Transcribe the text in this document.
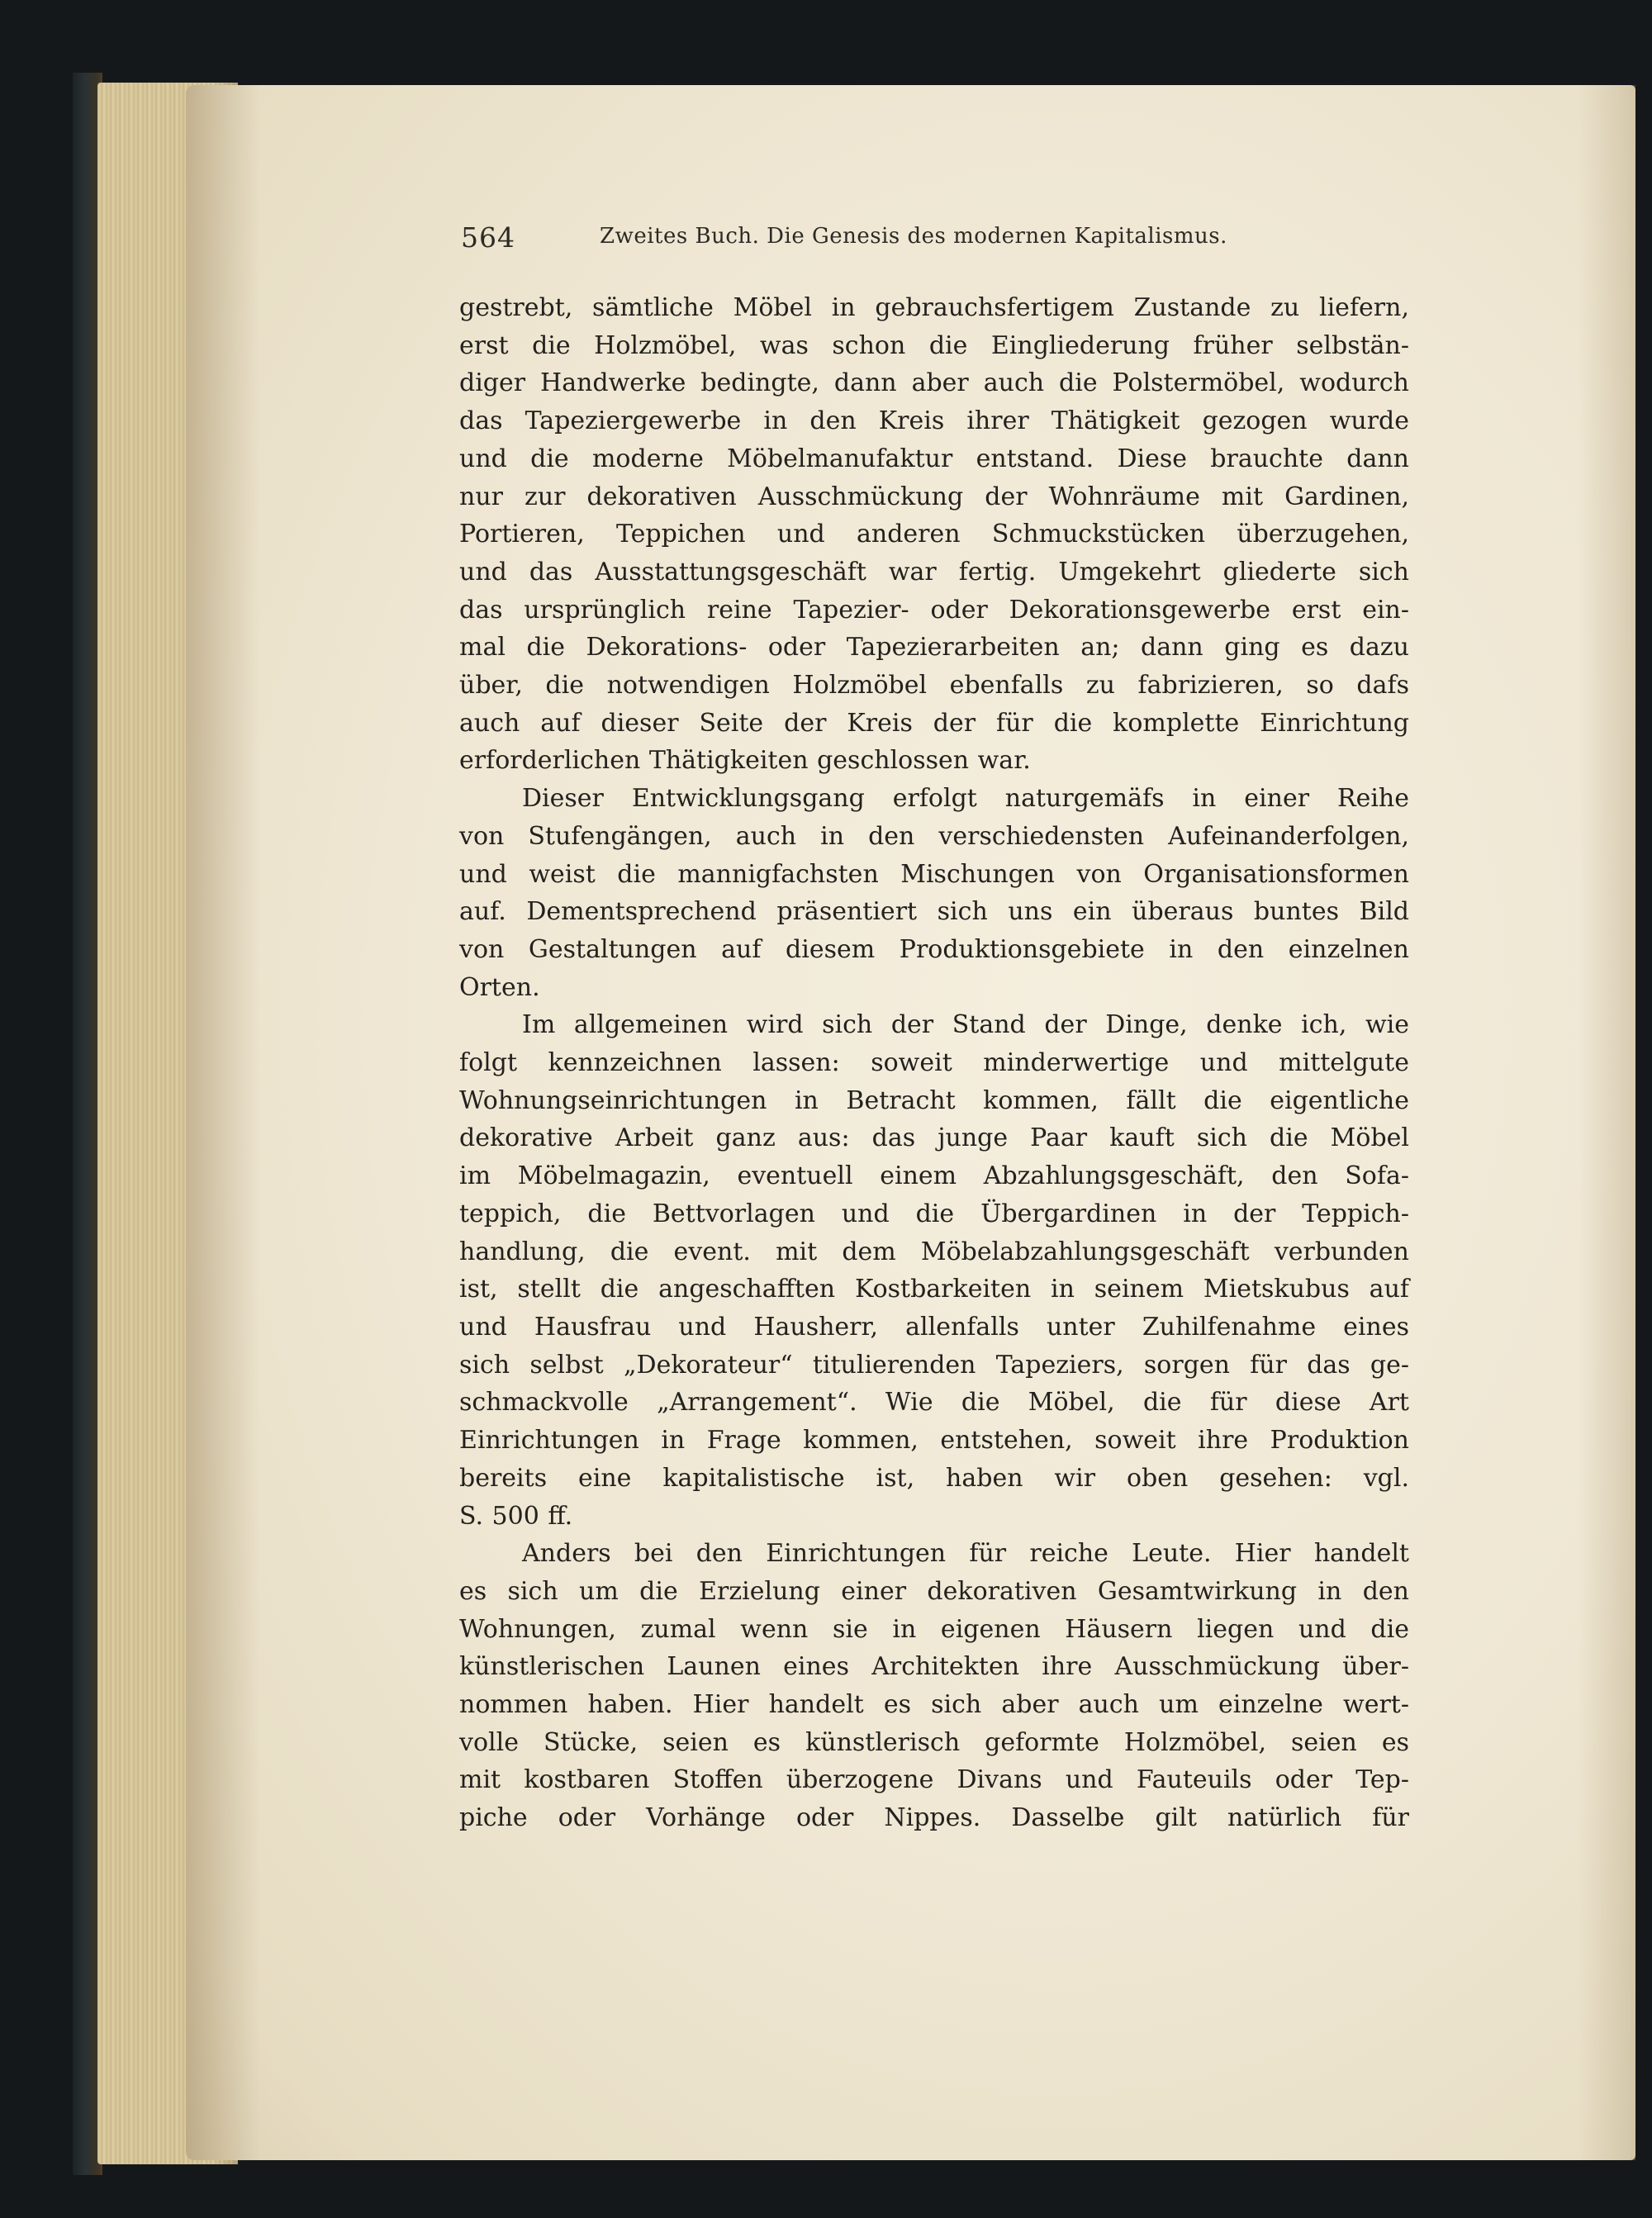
564	Zweites Buch. Die Genesis des modernen Kapitalismus.

gestrebt, sämtliche Möbel in gebrauchsfertigem Zustande zu liefern,

erst die Holzmöbel, was schon die Eingliederung früher selbstän-

diger Handwerke bedingte, dann aber auch die Polstermöbel, wodurch

das Tapeziergewerbe in den Kreis ihrer Thätigkeit gezogen wurde

und die moderne Möbelmanufaktur entstand. Diese brauchte dann

nur zur dekorativen Ausschmückung der Wohnräume mit Gardinen,

Portieren, Teppichen und anderen Schmuckstücken überzugehen,

und das Ausstattungsgeschäft war fertig. Umgekehrt gliederte sich

das ursprünglich reine Tapezier- oder Dekorationsgewerbe erst ein-

mal die Dekorations- oder Tapezierarbeiten an; dann ging es dazu

über, die notwendigen Holzmöbel ebenfalls zu fabrizieren, so dafs

auch auf dieser Seite der Kreis der für die komplette Einrichtung

erforderlichen Thätigkeiten geschlossen war.

Dieser Entwicklungsgang erfolgt naturgemäfs in einer Reihe

von Stufengängen, auch in den verschiedensten Aufeinanderfolgen,

und weist die mannigfachsten Mischungen von Organisationsformen

auf. Dementsprechend präsentiert sich uns ein überaus buntes Bild

von Gestaltungen auf diesem Produktionsgebiete in den einzelnen

Orten.

Im allgemeinen wird sich der Stand der Dinge, denke ich, wie

folgt kennzeichnen lassen: soweit minderwertige und mittelgute

Wohnungseinrichtungen in Betracht kommen, fällt die eigentliche

dekorative Arbeit ganz aus: das junge Paar kauft sich die Möbel

im Möbelmagazin, eventuell einem Abzahlungsgeschäft, den Sofa-

teppich, die Bettvorlagen und die Übergardinen in der Teppich-

handlung, die event. mit dem Möbelabzahlungsgeschäft verbunden

ist, stellt die angeschafften Kostbarkeiten in seinem Mietskubus auf

und Hausfrau und Hausherr, allenfalls unter Zuhilfenahme eines

sich selbst „Dekorateur“ titulierenden Tapeziers, sorgen für das ge-

schmackvolle „Arrangement“. Wie die Möbel, die für diese Art

Einrichtungen in Frage kommen, entstehen, soweit ihre Produktion

bereits eine kapitalistische ist, haben wir oben gesehen: vgl.

S. 500 ff.

Anders bei den Einrichtungen für reiche Leute. Hier handelt

es sich um die Erzielung einer dekorativen Gesamtwirkung in den

Wohnungen, zumal wenn sie in eigenen Häusern liegen und die

künstlerischen Launen eines Architekten ihre Ausschmückung über-

nommen haben. Hier handelt es sich aber auch um einzelne wert-

volle Stücke, seien es künstlerisch geformte Holzmöbel, seien es

mit kostbaren Stoffen überzogene Divans und Fauteuils oder Tep-

piche oder Vorhänge oder Nippes. Dasselbe gilt natürlich für
